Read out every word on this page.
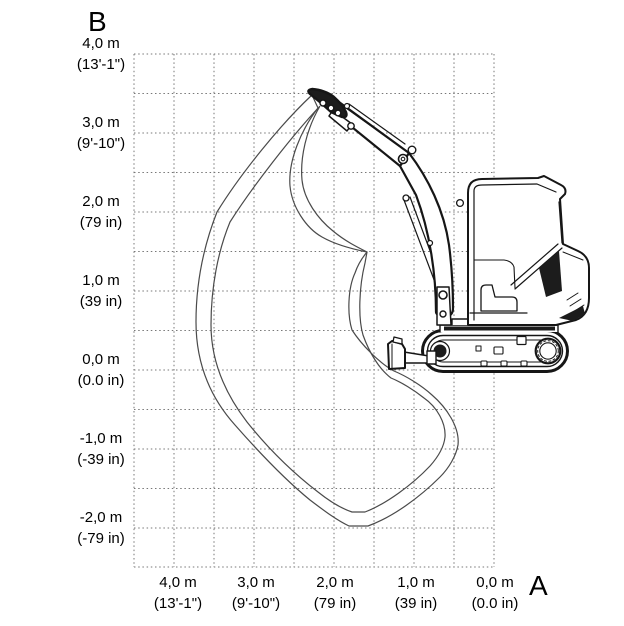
B
A
4,0 m
(13'-1")
3,0 m
(9'-10")
2,0 m
(79 in)
1,0 m
(39 in)
0,0 m
(0.0 in)
-1,0 m
(-39 in)
-2,0 m
(-79 in)
4,0 m
(13'-1")
3,0 m
(9'-10")
2,0 m
(79 in)
1,0 m
(39 in)
0,0 m
(0.0 in)
